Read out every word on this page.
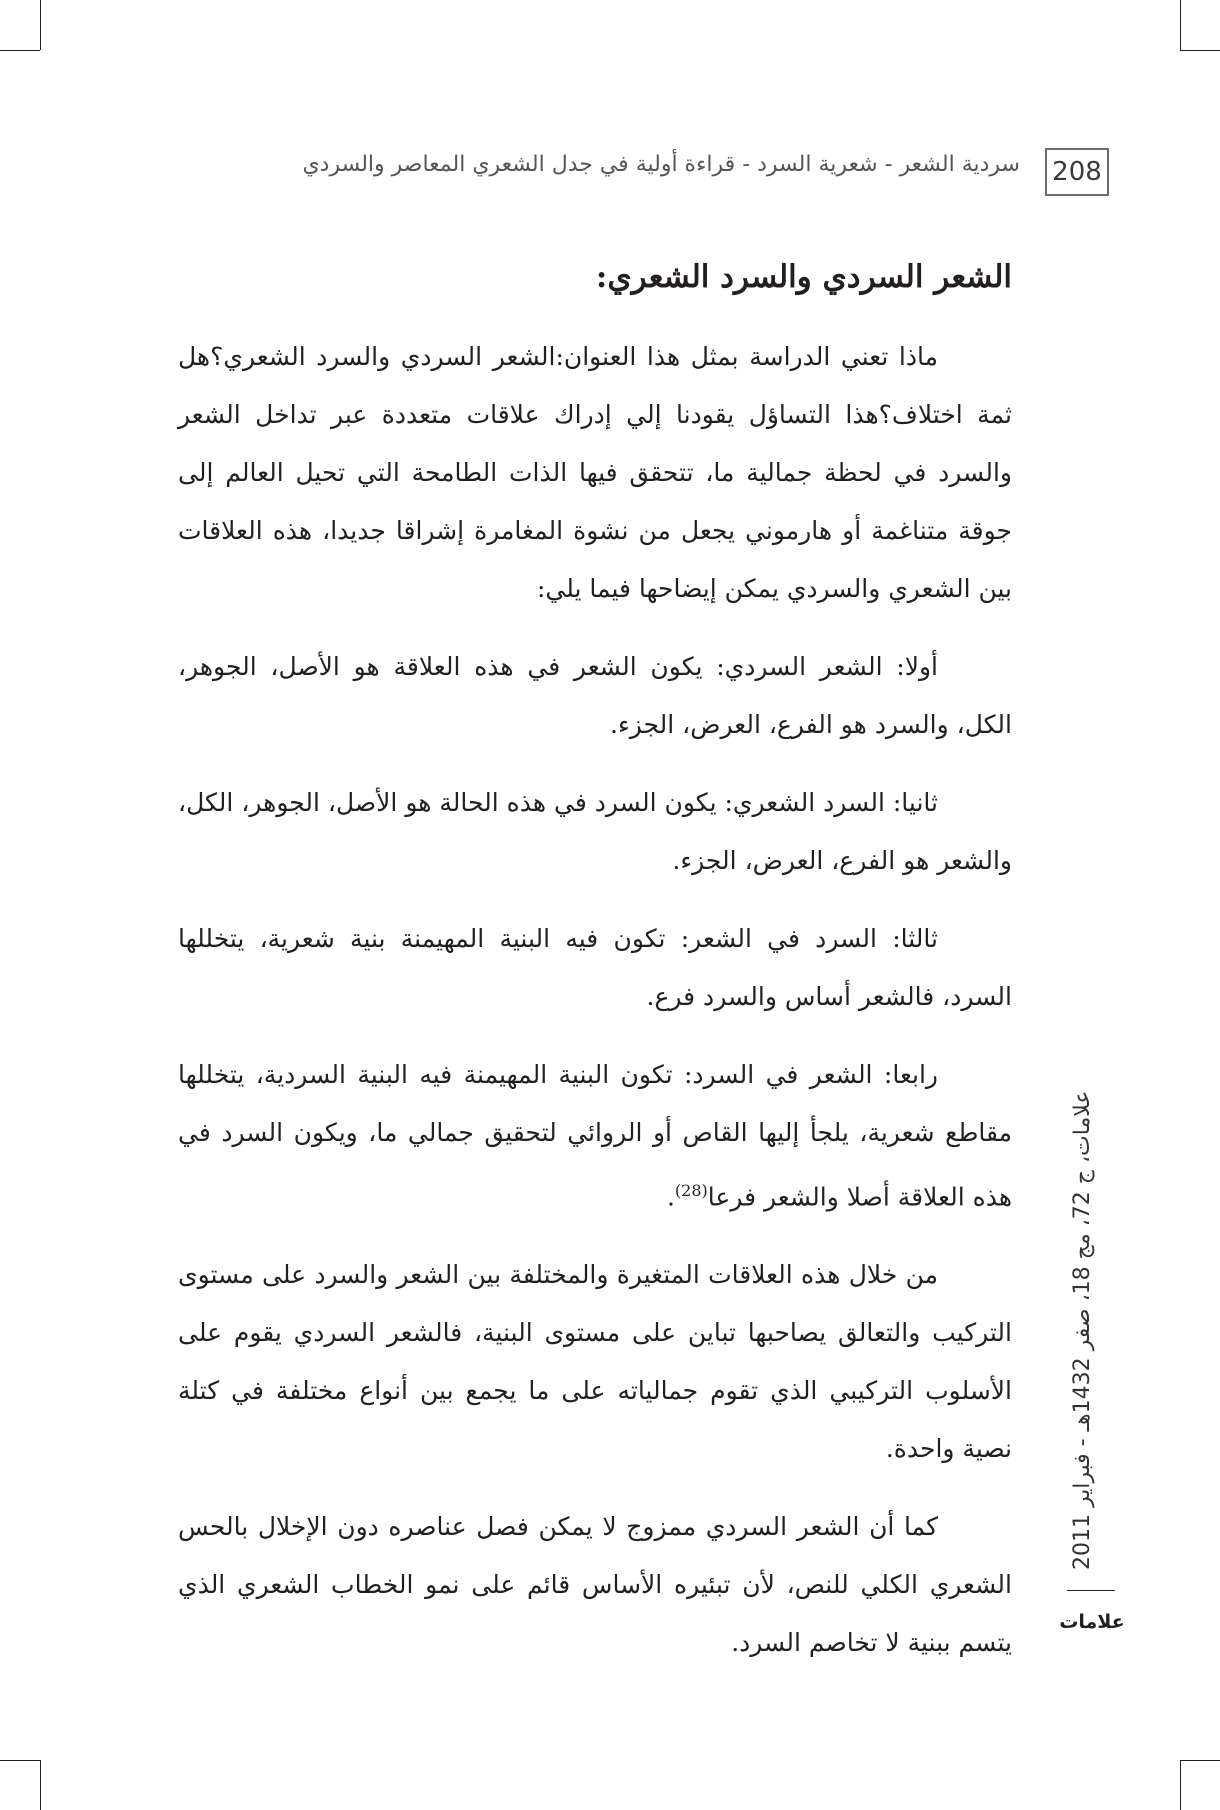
208
سردية الشعر - شعرية السرد - قراءة أولية في جدل الشعري المعاصر والسردي
الشعر السردي والسرد الشعري:

ماذا تعني الدراسة بمثل هذا العنوان:الشعر السردي والسرد الشعري؟هل ثمة اختلاف؟هذا التساؤل يقودنا إلي إدراك علاقات متعددة عبر تداخل الشعر والسرد في لحظة جمالية ما، تتحقق فيها الذات الطامحة التي تحيل العالم إلى جوقة متناغمة أو هارموني يجعل من نشوة المغامرة إشراقا جديدا، هذه العلاقات بين الشعري والسردي يمكن إيضاحها فيما يلي:

أولا: الشعر السردي: يكون الشعر في هذه العلاقة هو الأصل، الجوهر، الكل، والسرد هو الفرع، العرض، الجزء.

ثانيا: السرد الشعري: يكون السرد في هذه الحالة هو الأصل، الجوهر، الكل، والشعر هو الفرع، العرض، الجزء.

ثالثا: السرد في الشعر: تكون فيه البنية المهيمنة بنية شعرية، يتخللها السرد، فالشعر أساس والسرد فرع.

رابعا: الشعر في السرد: تكون البنية المهيمنة فيه البنية السردية، يتخللها مقاطع شعرية، يلجأ إليها القاص أو الروائي لتحقيق جمالي ما، ويكون السرد في هذه العلاقة أصلا والشعر فرعا$^{(28)}$.

من خلال هذه العلاقات المتغيرة والمختلفة بين الشعر والسرد على مستوى التركيب والتعالق يصاحبها تباين على مستوى البنية، فالشعر السردي يقوم على الأسلوب التركيبي الذي تقوم جمالياته على ما يجمع بين أنواع مختلفة في كتلة نصية واحدة.

كما أن الشعر السردي ممزوج لا يمكن فصل عناصره دون الإخلال بالحس الشعري الكلي للنص، لأن تبئيره الأساس قائم على نمو الخطاب الشعري الذي يتسم ببنية لا تخاصم السرد.

علامات، ج 72، مج 18، صفر 1432هـ - فبراير 2011
علامات
